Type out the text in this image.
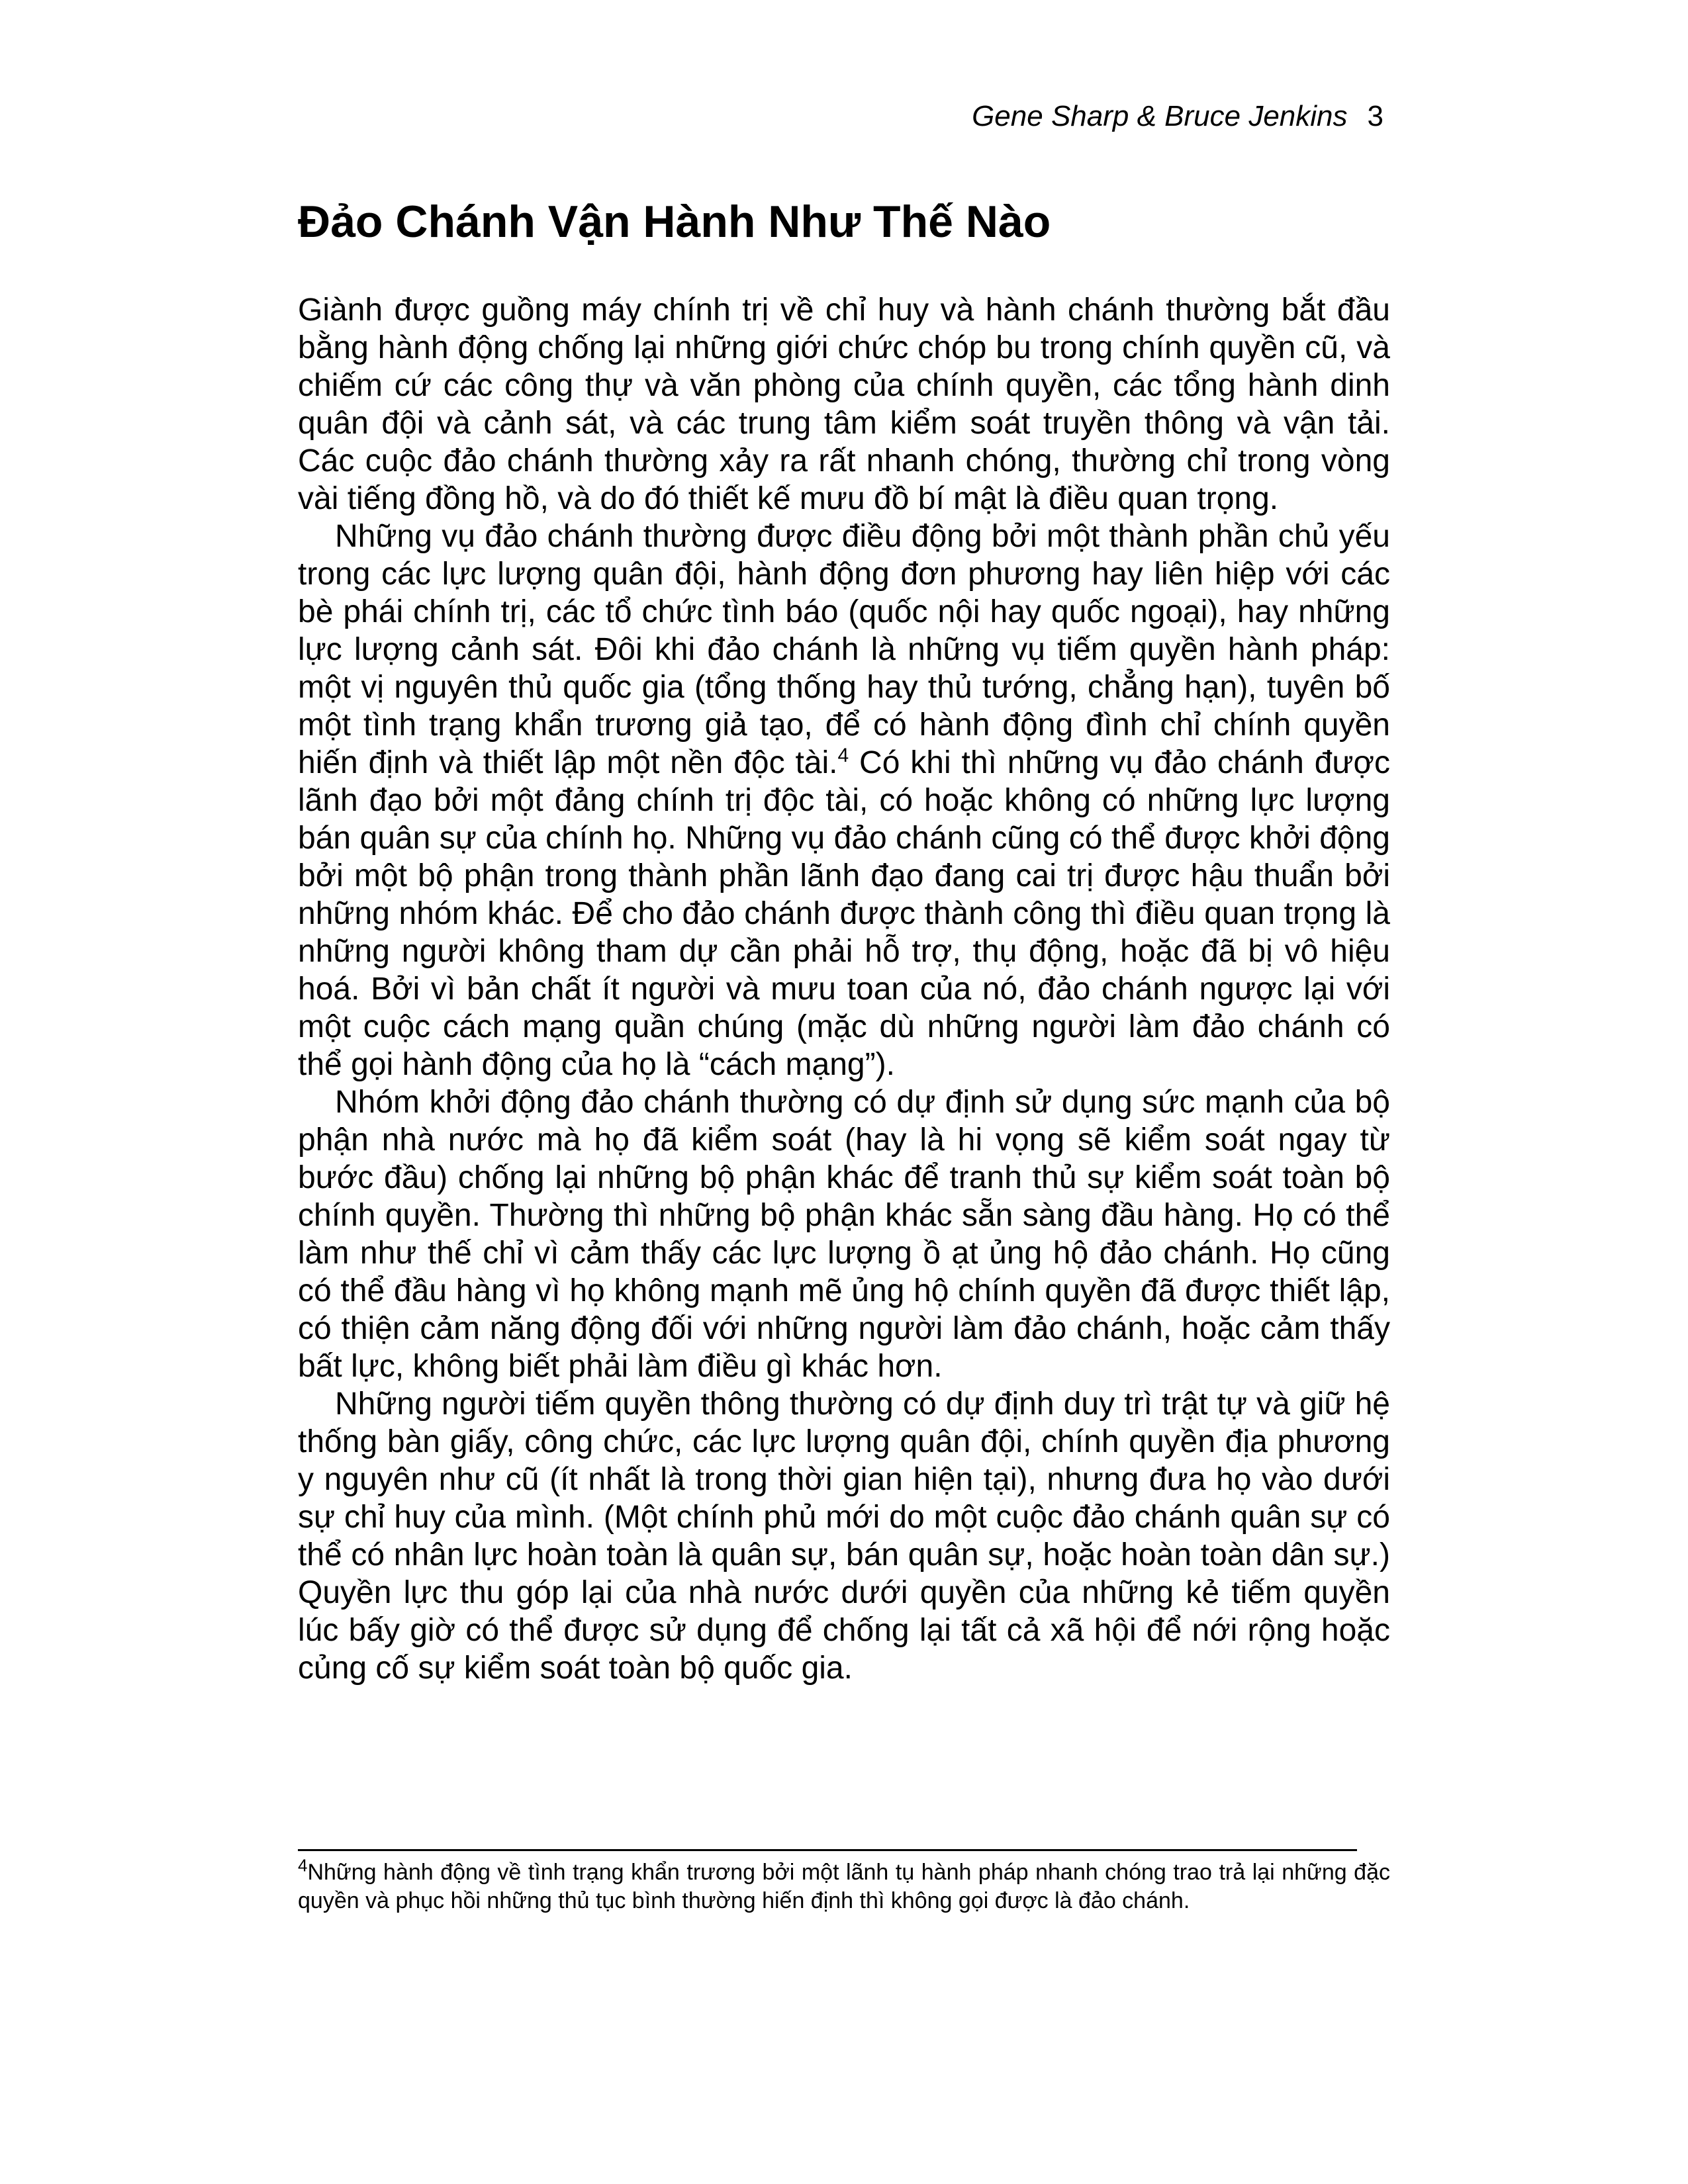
Gene Sharp & Bruce Jenkins 3
Đảo Chánh Vận Hành Như Thế Nào

Giành được guồng máy chính trị về chỉ huy và hành chánh thường bắt đầu bằng hành động chống lại những giới chức chóp bu trong chính quyền cũ, và chiếm cứ các công thự và văn phòng của chính quyền, các tổng hành dinh quân đội và cảnh sát, và các trung tâm kiểm soát truyền thông và vận tải. Các cuộc đảo chánh thường xảy ra rất nhanh chóng, thường chỉ trong vòng vài tiếng đồng hồ, và do đó thiết kế mưu đồ bí mật là điều quan trọng.

Những vụ đảo chánh thường được điều động bởi một thành phần chủ yếu trong các lực lượng quân đội, hành động đơn phương hay liên hiệp với các bè phái chính trị, các tổ chức tình báo (quốc nội hay quốc ngoại), hay những lực lượng cảnh sát. Đôi khi đảo chánh là những vụ tiếm quyền hành pháp: một vị nguyên thủ quốc gia (tổng thống hay thủ tướng, chẳng hạn), tuyên bố một tình trạng khẩn trương giả tạo, để có hành động đình chỉ chính quyền hiến định và thiết lập một nền độc tài.$^4$ Có khi thì những vụ đảo chánh được lãnh đạo bởi một đảng chính trị độc tài, có hoặc không có những lực lượng bán quân sự của chính họ. Những vụ đảo chánh cũng có thể được khởi động bởi một bộ phận trong thành phần lãnh đạo đang cai trị được hậu thuẩn bởi những nhóm khác. Để cho đảo chánh được thành công thì điều quan trọng là những người không tham dự cần phải hỗ trợ, thụ động, hoặc đã bị vô hiệu hoá. Bởi vì bản chất ít người và mưu toan của nó, đảo chánh ngược lại với một cuộc cách mạng quần chúng (mặc dù những người làm đảo chánh có thể gọi hành động của họ là “cách mạng”).

Nhóm khởi động đảo chánh thường có dự định sử dụng sức mạnh của bộ phận nhà nước mà họ đã kiểm soát (hay là hi vọng sẽ kiểm soát ngay từ bước đầu) chống lại những bộ phận khác để tranh thủ sự kiểm soát toàn bộ chính quyền. Thường thì những bộ phận khác sẵn sàng đầu hàng. Họ có thể làm như thế chỉ vì cảm thấy các lực lượng ồ ạt ủng hộ đảo chánh. Họ cũng có thể đầu hàng vì họ không mạnh mẽ ủng hộ chính quyền đã được thiết lập, có thiện cảm năng động đối với những người làm đảo chánh, hoặc cảm thấy bất lực, không biết phải làm điều gì khác hơn.

Những người tiếm quyền thông thường có dự định duy trì trật tự và giữ hệ thống bàn giấy, công chức, các lực lượng quân đội, chính quyền địa phương y nguyên như cũ (ít nhất là trong thời gian hiện tại), nhưng đưa họ vào dưới sự chỉ huy của mình. (Một chính phủ mới do một cuộc đảo chánh quân sự có thể có nhân lực hoàn toàn là quân sự, bán quân sự, hoặc hoàn toàn dân sự.) Quyền lực thu góp lại của nhà nước dưới quyền của những kẻ tiếm quyền lúc bấy giờ có thể được sử dụng để chống lại tất cả xã hội để nới rộng hoặc củng cố sự kiểm soát toàn bộ quốc gia.

$^4$Những hành động về tình trạng khẩn trương bởi một lãnh tụ hành pháp nhanh chóng trao trả lại những đặc quyền và phục hồi những thủ tục bình thường hiến định thì không gọi được là đảo chánh.
